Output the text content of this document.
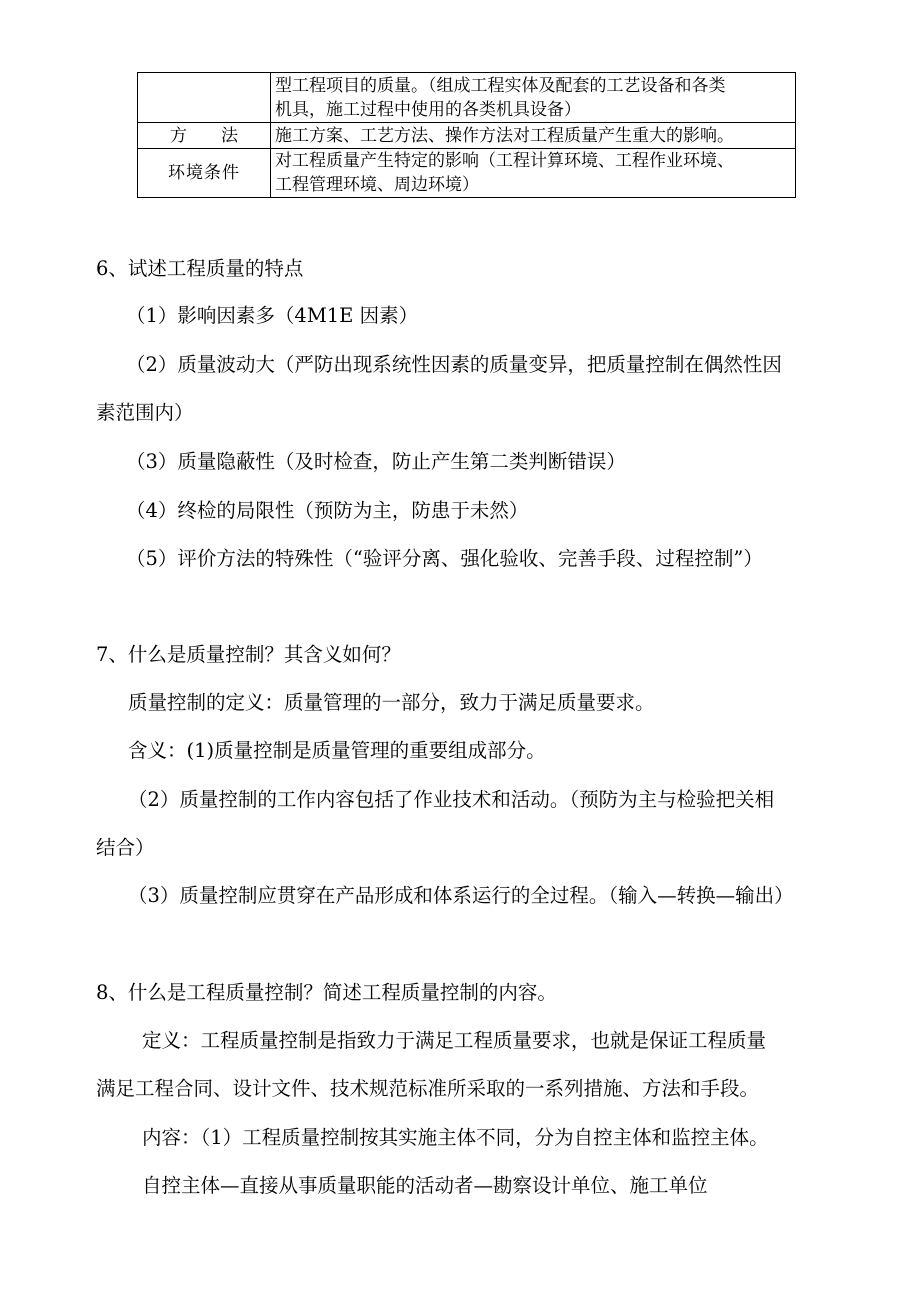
	型工程项目的质量。（组成工程实体及配套的工艺设备和各类
机具，施工过程中使用的各类机具设备）

方　　法	施工方案、工艺方法、操作方法对工程质量产生重大的影响。

环境条件	对工程质量产生特定的影响（工程计算环境、工程作业环境、
工程管理环境、周边环境）
6、试述工程质量的特点
（1）影响因素多（4M1E 因素）
（2）质量波动大（严防出现系统性因素的质量变异，把质量控制在偶然性因
素范围内）
（3）质量隐蔽性（及时检查，防止产生第二类判断错误）
（4）终检的局限性（预防为主，防患于未然）
（5）评价方法的特殊性（“验评分离、强化验收、完善手段、过程控制”）
7、什么是质量控制？其含义如何？
质量控制的定义：质量管理的一部分，致力于满足质量要求。
含义：(1)质量控制是质量管理的重要组成部分。
（2）质量控制的工作内容包括了作业技术和活动。（预防为主与检验把关相
结合）
（3）质量控制应贯穿在产品形成和体系运行的全过程。（输入—转换—输出）
8、什么是工程质量控制？简述工程质量控制的内容。
定义：工程质量控制是指致力于满足工程质量要求，也就是保证工程质量
满足工程合同、设计文件、技术规范标准所采取的一系列措施、方法和手段。
内容：（1）工程质量控制按其实施主体不同，分为自控主体和监控主体。
自控主体—直接从事质量职能的活动者—勘察设计单位、施工单位
